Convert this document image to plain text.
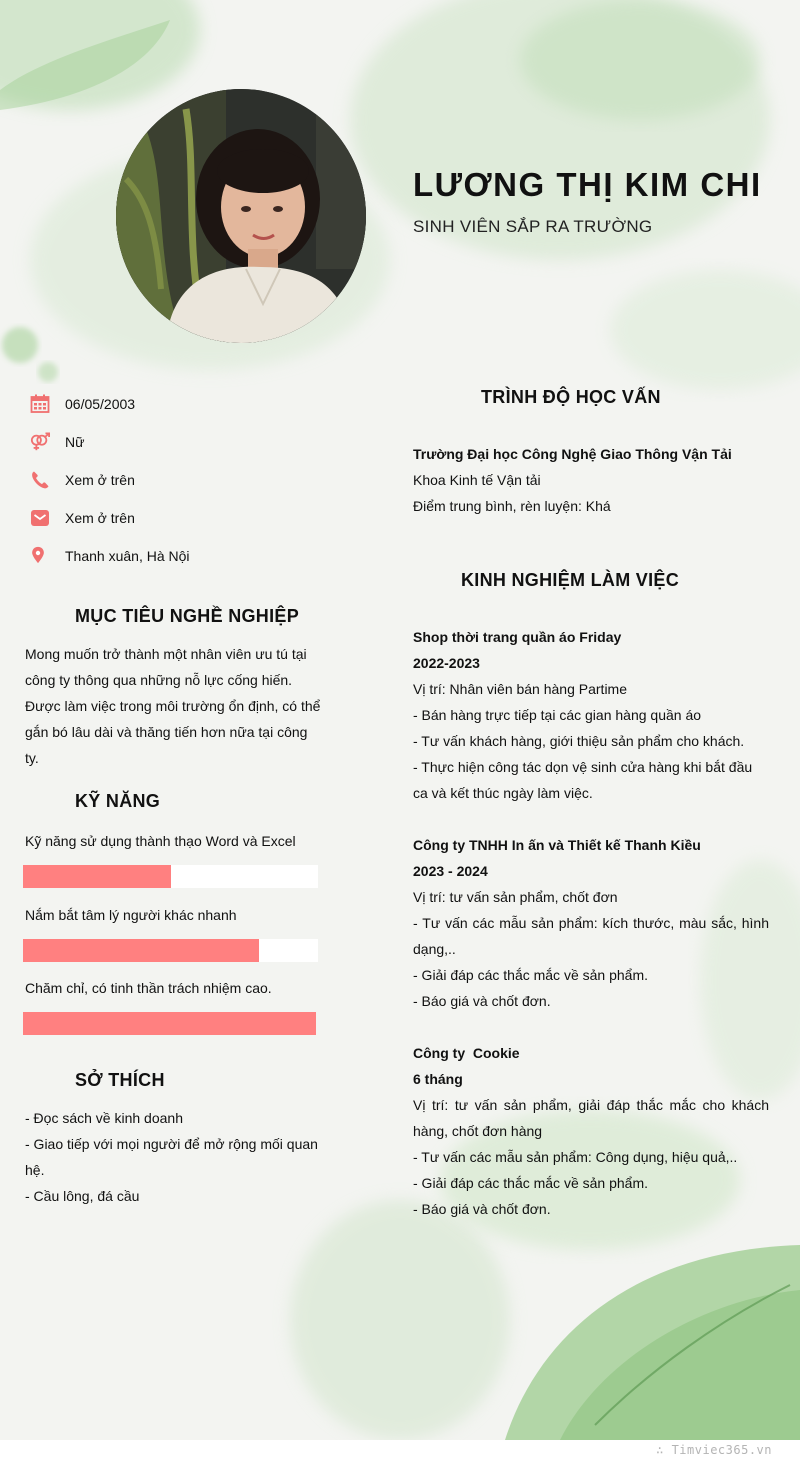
LƯƠNG THỊ KIM CHI
SINH VIÊN SẮP RA TRƯỜNG
06/05/2003
Nữ
Xem ở trên
Xem ở trên
Thanh xuân, Hà Nội
MỤC TIÊU NGHỀ NGHIỆP
Mong muốn trở thành một nhân viên ưu tú tại
công ty thông qua những nỗ lực cống hiến.
Được làm việc trong môi trường ổn định, có thể
gắn bó lâu dài và thăng tiến hơn nữa tại công
ty.
KỸ NĂNG
Kỹ năng sử dụng thành thạo Word và Excel
Nắm bắt tâm lý người khác nhanh
Chăm chỉ, có tinh thần trách nhiệm cao.
SỞ THÍCH
- Đọc sách về kinh doanh
- Giao tiếp với mọi người để mở rộng mối quan
hệ.
- Cầu lông, đá cầu
TRÌNH ĐỘ HỌC VẤN
Trường Đại học Công Nghệ Giao Thông Vận Tải
Khoa Kinh tế Vận tải
Điểm trung bình, rèn luyện: Khá
KINH NGHIỆM LÀM VIỆC
Shop thời trang quần áo Friday
2022-2023
Vị trí: Nhân viên bán hàng Partime
- Bán hàng trực tiếp tại các gian hàng quần áo
- Tư vấn khách hàng, giới thiệu sản phẩm cho khách.
- Thực hiện công tác dọn vệ sinh cửa hàng khi bắt đầu ca và kết thúc ngày làm việc.
Công ty TNHH In ấn và Thiết kế Thanh Kiều
2023 - 2024
Vị trí: tư vấn sản phẩm, chốt đơn
- Tư vấn các mẫu sản phẩm: kích thước, màu sắc, hình dạng,..
- Giải đáp các thắc mắc về sản phẩm.
- Báo giá và chốt đơn.
Công ty  Cookie
6 tháng
Vị trí: tư vấn sản phẩm, giải đáp thắc mắc cho khách hàng, chốt đơn hàng
- Tư vấn các mẫu sản phẩm: Công dụng, hiệu quả,..
- Giải đáp các thắc mắc về sản phẩm.
- Báo giá và chốt đơn.
∴ Timviec365.vn
